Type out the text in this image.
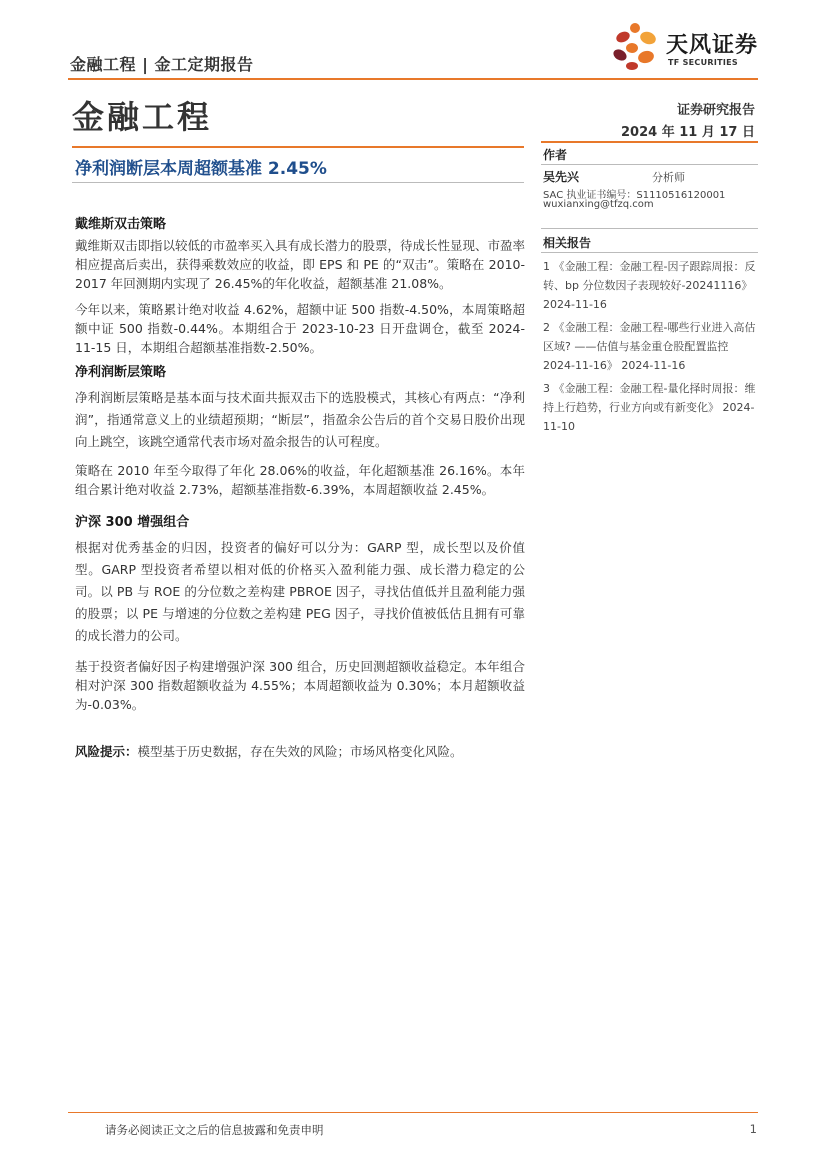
金融工程 | 金工定期报告
天风证券
TF SECURITIES
金融工程	证券研究报告
2024 年 11 月 17 日
净利润断层本周超额基准 2.45%
戴维斯双击策略

戴维斯双击即指以较低的市盈率买入具有成长潜力的股票，待成长性显现、市盈率相应提高后卖出，获得乘数效应的收益，即 EPS 和 PE 的“双击”。策略在 2010-2017 年回测期内实现了 26.45%的年化收益，超额基准 21.08%。

今年以来，策略累计绝对收益 4.62%，超额中证 500 指数-4.50%，本周策略超额中证 500 指数-0.44%。本期组合于 2023-10-23 日开盘调仓，截至 2024-11-15 日，本期组合超额基准指数-2.50%。

净利润断层策略

净利润断层策略是基本面与技术面共振双击下的选股模式，其核心有两点：“净利润”，指通常意义上的业绩超预期；“断层”，指盈余公告后的首个交易日股价出现向上跳空，该跳空通常代表市场对盈余报告的认可程度。

策略在 2010 年至今取得了年化 28.06%的收益，年化超额基准 26.16%。本年组合累计绝对收益 2.73%，超额基准指数-6.39%，本周超额收益 2.45%。

沪深 300 增强组合

根据对优秀基金的归因，投资者的偏好可以分为：GARP 型，成长型以及价值型。GARP 型投资者希望以相对低的价格买入盈利能力强、成长潜力稳定的公司。以 PB 与 ROE 的分位数之差构建 PBROE 因子，寻找估值低并且盈利能力强的股票；以 PE 与增速的分位数之差构建 PEG 因子，寻找价值被低估且拥有可靠的成长潜力的公司。

基于投资者偏好因子构建增强沪深 300 组合，历史回测超额收益稳定。本年组合相对沪深 300 指数超额收益为 4.55%；本周超额收益为 0.30%；本月超额收益为-0.03%。

风险提示：模型基于历史数据，存在失效的风险；市场风格变化风险。
作者
吴先兴	分析师
SAC 执业证书编号：S1110516120001
wuxianxing@tfzq.com
相关报告

1 《金融工程：金融工程-因子跟踪周报：反转、bp 分位数因子表现较好-20241116》 2024-11-16

2 《金融工程：金融工程-哪些行业进入高估区域? ——估值与基金重仓股配置监控 2024-11-16》 2024-11-16

3 《金融工程：金融工程-量化择时周报：维持上行趋势，行业方向或有新变化》 2024-11-10

请务必阅读正文之后的信息披露和免责申明	1
